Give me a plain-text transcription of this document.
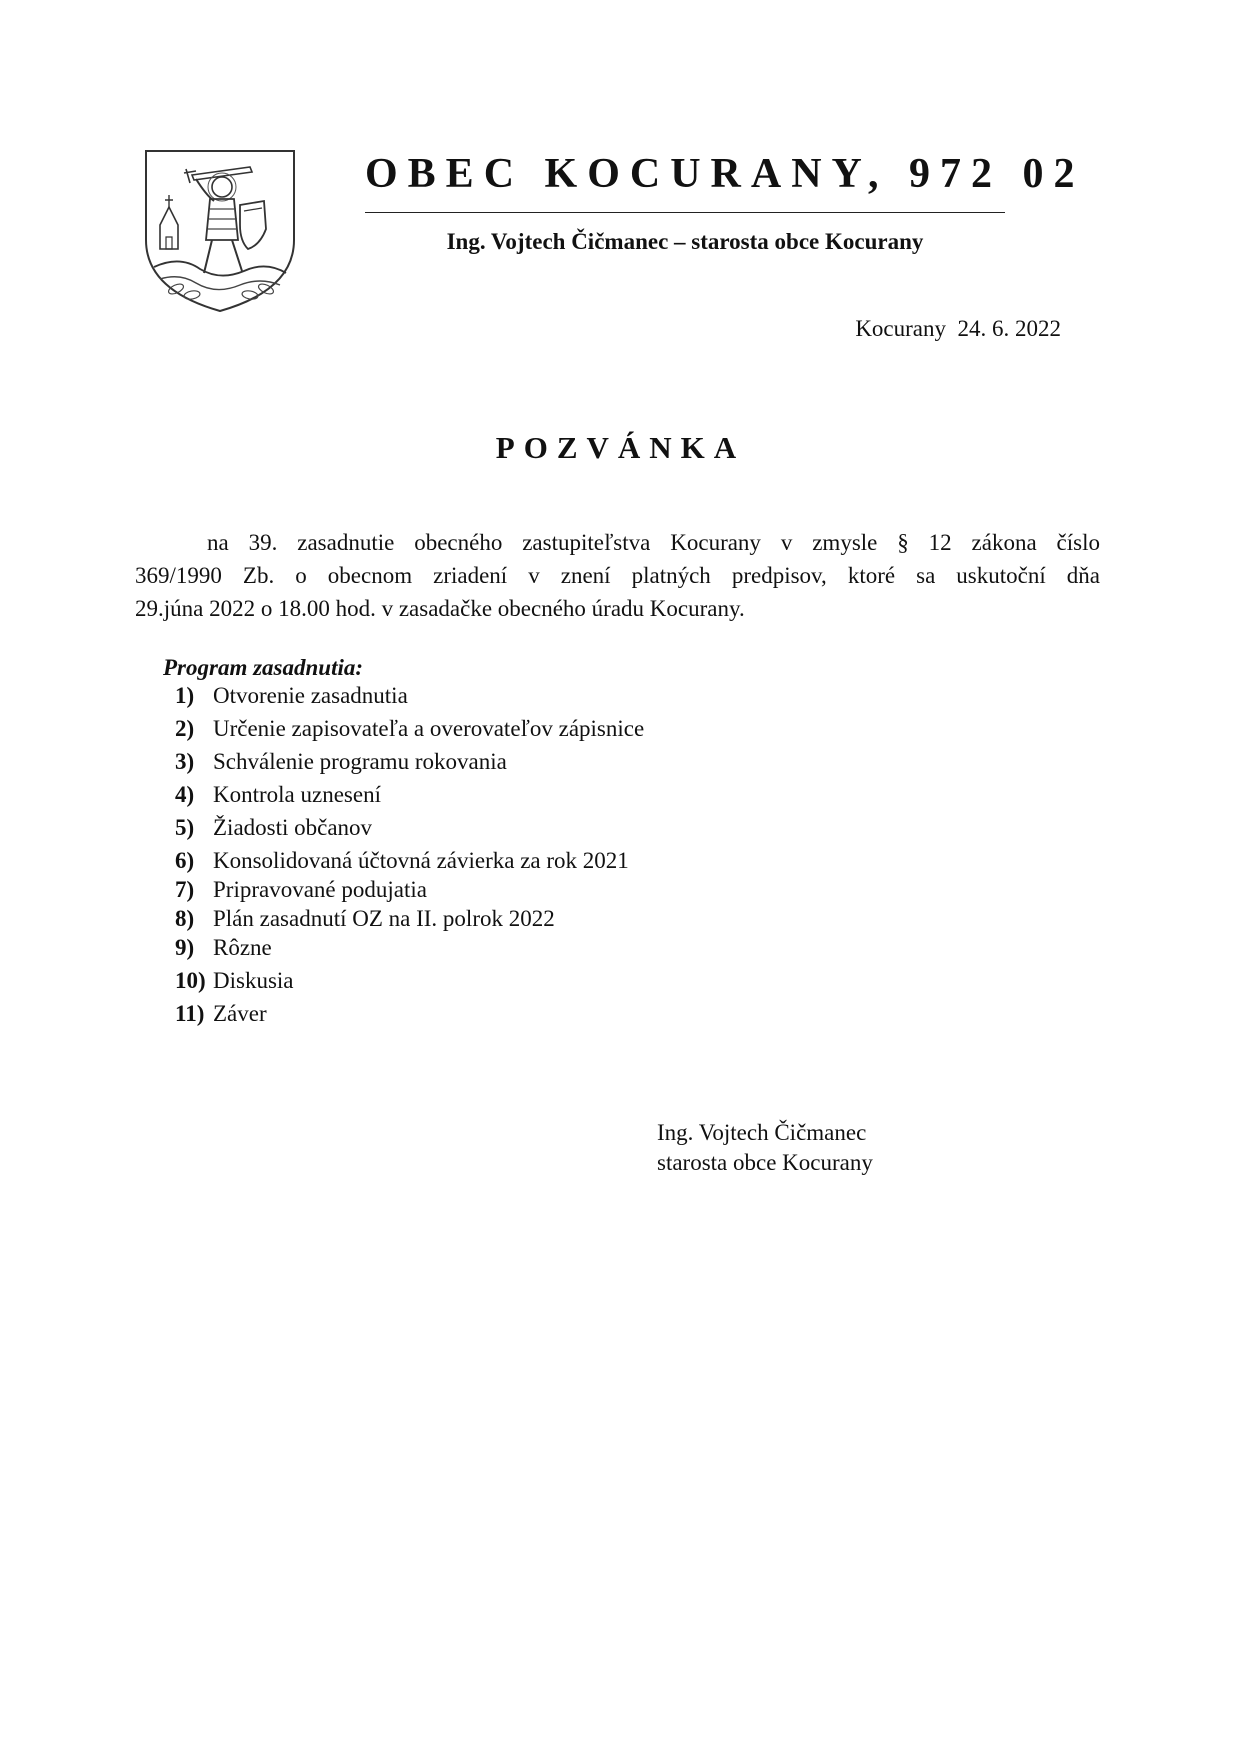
OBEC KOCURANY, 972 02
Ing. Vojtech Čičmanec – starosta obce Kocurany
Kocurany  24. 6. 2022
POZVÁNKA
na 39. zasadnutie obecného zastupiteľstva Kocurany v zmysle § 12 zákona číslo
369/1990 Zb. o obecnom zriadení v znení platných predpisov, ktoré sa uskutoční dňa
29.júna 2022 o 18.00 hod. v zasadačke obecného úradu Kocurany.
Program zasadnutia:
1) Otvorenie zasadnutia
2) Určenie zapisovateľa a overovateľov zápisnice
3) Schválenie programu rokovania
4) Kontrola uznesení
5) Žiadosti občanov
6) Konsolidovaná účtovná závierka za rok 2021
7) Pripravované podujatia
8) Plán zasadnutí OZ na II. polrok 2022
9) Rôzne
10) Diskusia
11) Záver
Ing. Vojtech Čičmanec
starosta obce Kocurany
